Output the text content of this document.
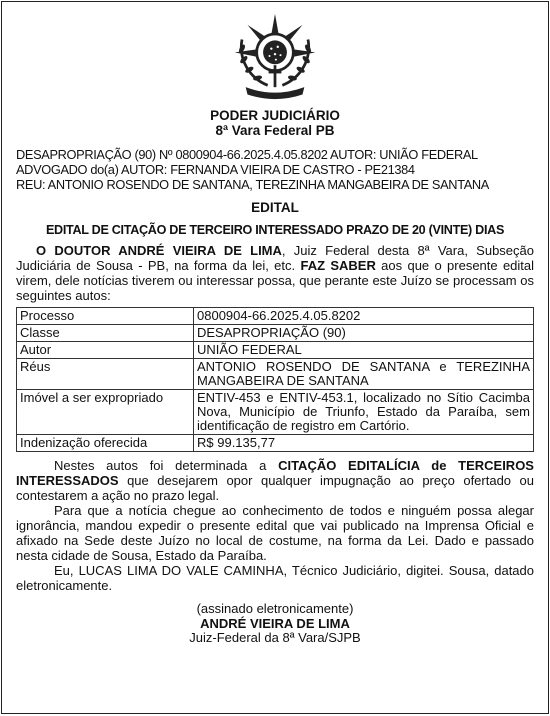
PODER JUDICIÁRIO
8ª Vara Federal PB
DESAPROPRIAÇÃO (90) Nº 0800904-66.2025.4.05.8202 AUTOR: UNIÃO FEDERAL
ADVOGADO do(a) AUTOR: FERNANDA VIEIRA DE CASTRO - PE21384
REU: ANTONIO ROSENDO DE SANTANA, TEREZINHA MANGABEIRA DE SANTANA
EDITAL
EDITAL DE CITAÇÃO DE TERCEIRO INTERESSADO PRAZO DE 20 (VINTE) DIAS

O DOUTOR ANDRÉ VIEIRA DE LIMA, Juiz Federal desta 8ª Vara, Subseção Judiciária de Sousa - PB, na forma da lei, etc. FAZ SABER aos que o presente edital virem, dele notícias tiverem ou interessar possa, que perante este Juízo se processam os seguintes autos:

Processo	0800904-66.2025.4.05.8202
Classe	DESAPROPRIAÇÃO (90)
Autor	UNIÃO FEDERAL
Réus	ANTONIO ROSENDO DE SANTANA e TEREZINHA MANGABEIRA DE SANTANA
Imóvel a ser expropriado	ENTIV-453 e ENTIV-453.1, localizado no Sítio Cacimba Nova, Município de Triunfo, Estado da Paraíba, sem identificação de registro em Cartório.
Indenização oferecida	R$ 99.135,77

Nestes autos foi determinada a CITAÇÃO EDITALÍCIA de TERCEIROS INTERESSADOS que desejarem opor qualquer impugnação ao preço ofertado ou contestarem a ação no prazo legal.

Para que a notícia chegue ao conhecimento de todos e ninguém possa alegar ignorância, mandou expedir o presente edital que vai publicado na Imprensa Oficial e afixado na Sede deste Juízo no local de costume, na forma da Lei. Dado e passado nesta cidade de Sousa, Estado da Paraíba.

Eu, LUCAS LIMA DO VALE CAMINHA, Técnico Judiciário, digitei. Sousa, datado eletronicamente.

(assinado eletronicamente)
ANDRÉ VIEIRA DE LIMA
Juiz-Federal da 8ª Vara/SJPB
